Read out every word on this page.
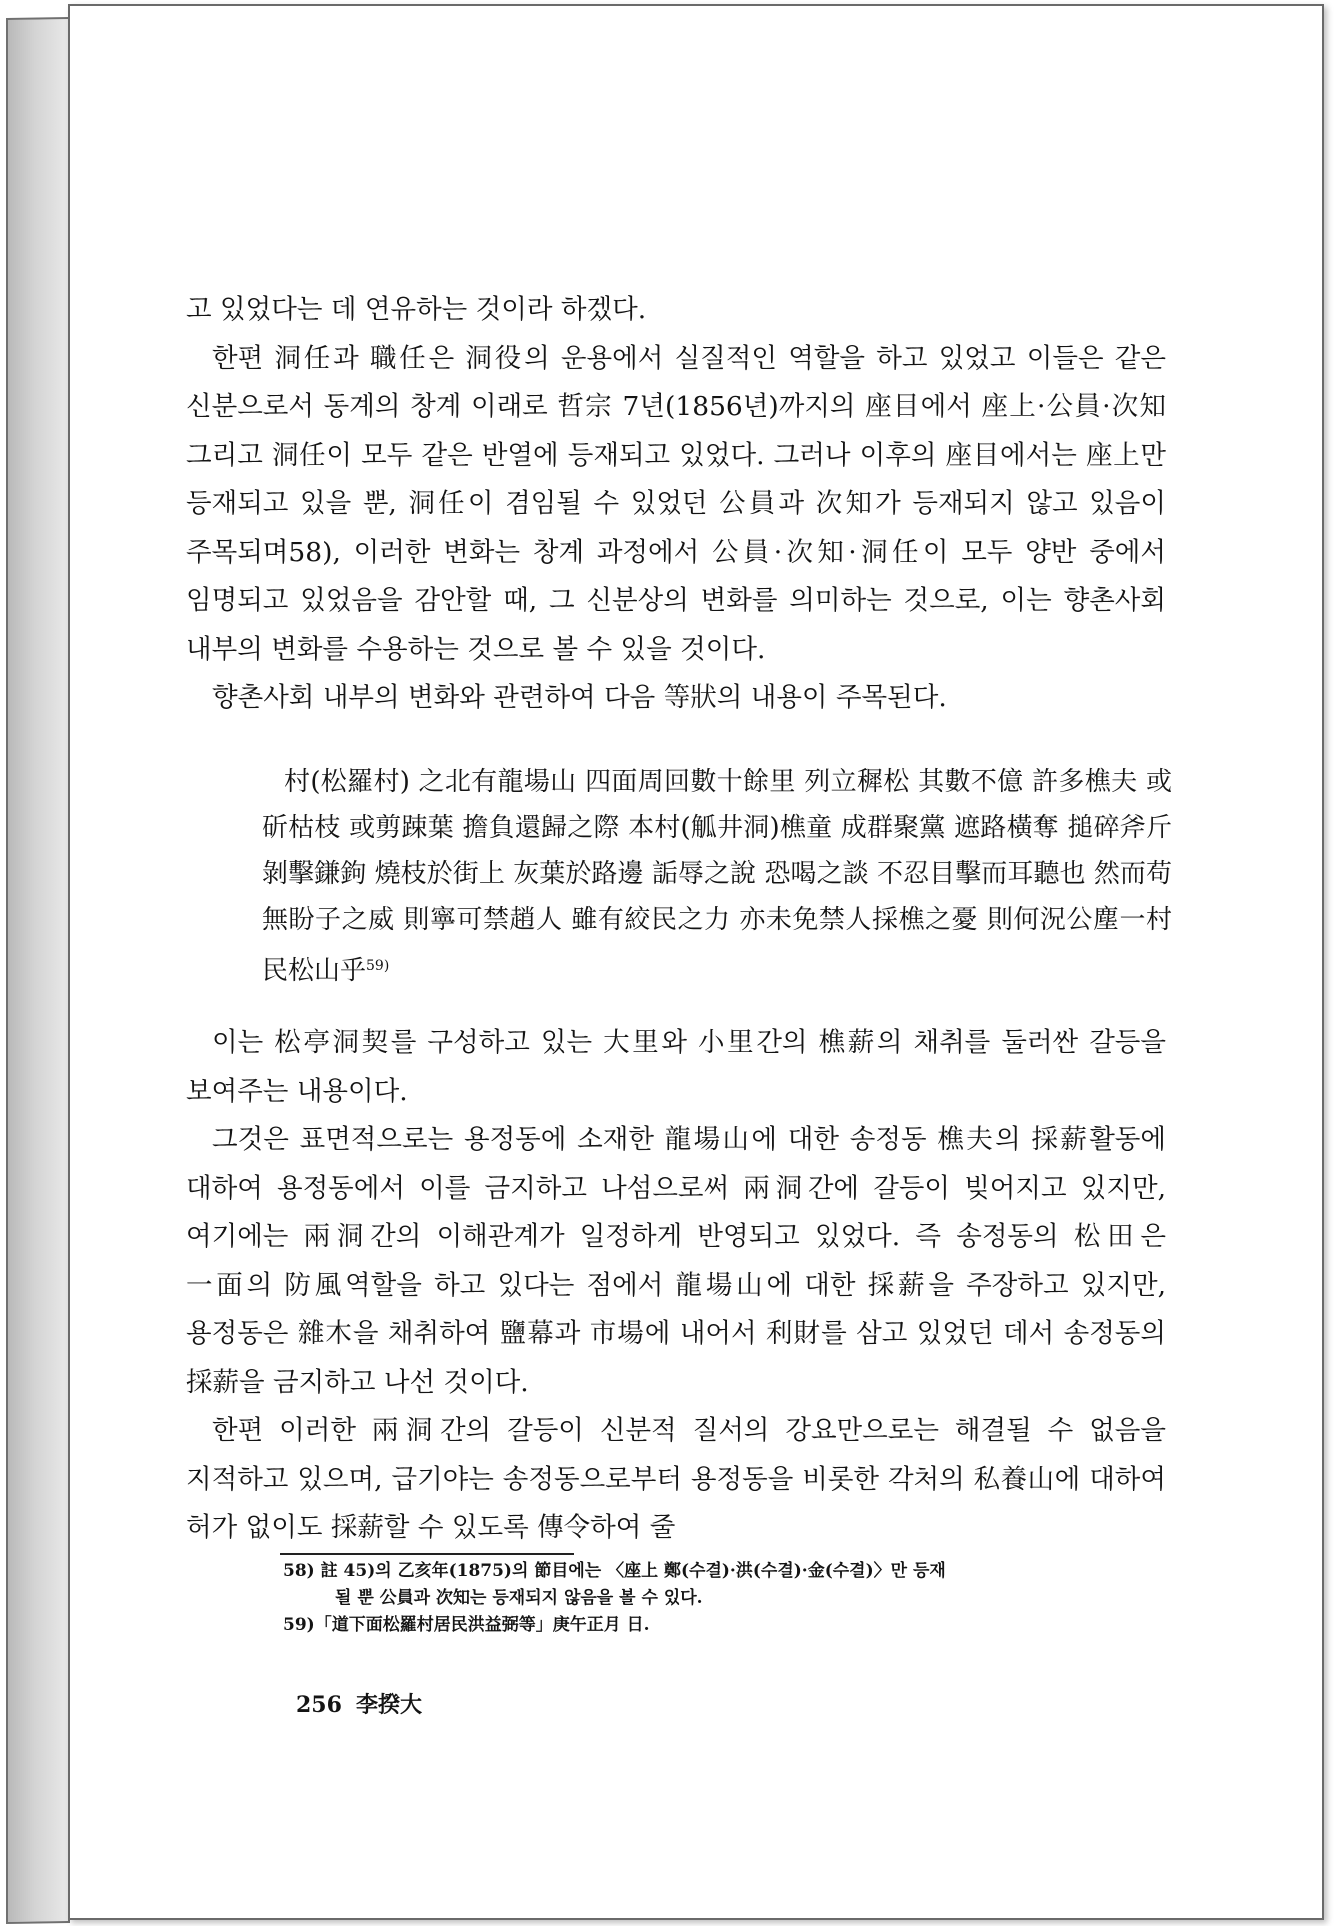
고 있었다는 데 연유하는 것이라 하겠다.

한편 洞任과 職任은 洞役의 운용에서 실질적인 역할을 하고 있었고 이들은 같은 신분으로서 동계의 창계 이래로 哲宗 7년(1856년)까지의 座目에서 座上·公員·次知 그리고 洞任이 모두 같은 반열에 등재되고 있었다. 그러나 이후의 座目에서는 座上만 등재되고 있을 뿐, 洞任이 겸임될 수 있었던 公員과 次知가 등재되지 않고 있음이 주목되며58), 이러한 변화는 창계 과정에서 公員·次知·洞任이 모두 양반 중에서 임명되고 있었음을 감안할 때, 그 신분상의 변화를 의미하는 것으로, 이는 향촌사회 내부의 변화를 수용하는 것으로 볼 수 있을 것이다.

향촌사회 내부의 변화와 관련하여 다음 等狀의 내용이 주목된다.

村(松羅村) 之北有龍場山 四面周回數十餘里 列立穉松 其數不億 許多樵夫 或斫枯枝 或剪踈葉 擔負還歸之際 本村(觚井洞)樵童 成群聚黨 遮路橫奪 搥碎斧斤 剝擊鎌鉤 燒枝於街上 灰葉於路邊 詬辱之說 恐喝之談 不忍目擊而耳聽也 然而苟無盼子之威 則寧可禁趙人 雖有絞民之力 亦未免禁人採樵之憂 則何況公塵一村民松山乎$^{59)}$

이는 松亭洞契를 구성하고 있는 大里와 小里간의 樵薪의 채취를 둘러싼 갈등을 보여주는 내용이다.

그것은 표면적으로는 용정동에 소재한 龍場山에 대한 송정동 樵夫의 採薪활동에 대하여 용정동에서 이를 금지하고 나섬으로써 兩洞간에 갈등이 빚어지고 있지만, 여기에는 兩洞간의 이해관계가 일정하게 반영되고 있었다. 즉 송정동의 松田은 一面의 防風역할을 하고 있다는 점에서 龍場山에 대한 採薪을 주장하고 있지만, 용정동은 雜木을 채취하여 鹽幕과 市場에 내어서 利財를 삼고 있었던 데서 송정동의 採薪을 금지하고 나선 것이다.

한편 이러한 兩洞간의 갈등이 신분적 질서의 강요만으로는 해결될 수 없음을 지적하고 있으며, 급기야는 송정동으로부터 용정동을 비롯한 각처의 私養山에 대하여 허가 없이도 採薪할 수 있도록 傳令하여 줄

58) 註 45)의 乙亥年(1875)의 節目에는 〈座上 鄭(수결)·洪(수결)·金(수결)〉만 등재
될 뿐 公員과 次知는 등재되지 않음을 볼 수 있다.
59)「道下面松羅村居民洪益弼等」庚午正月 日.
256 李揆大
